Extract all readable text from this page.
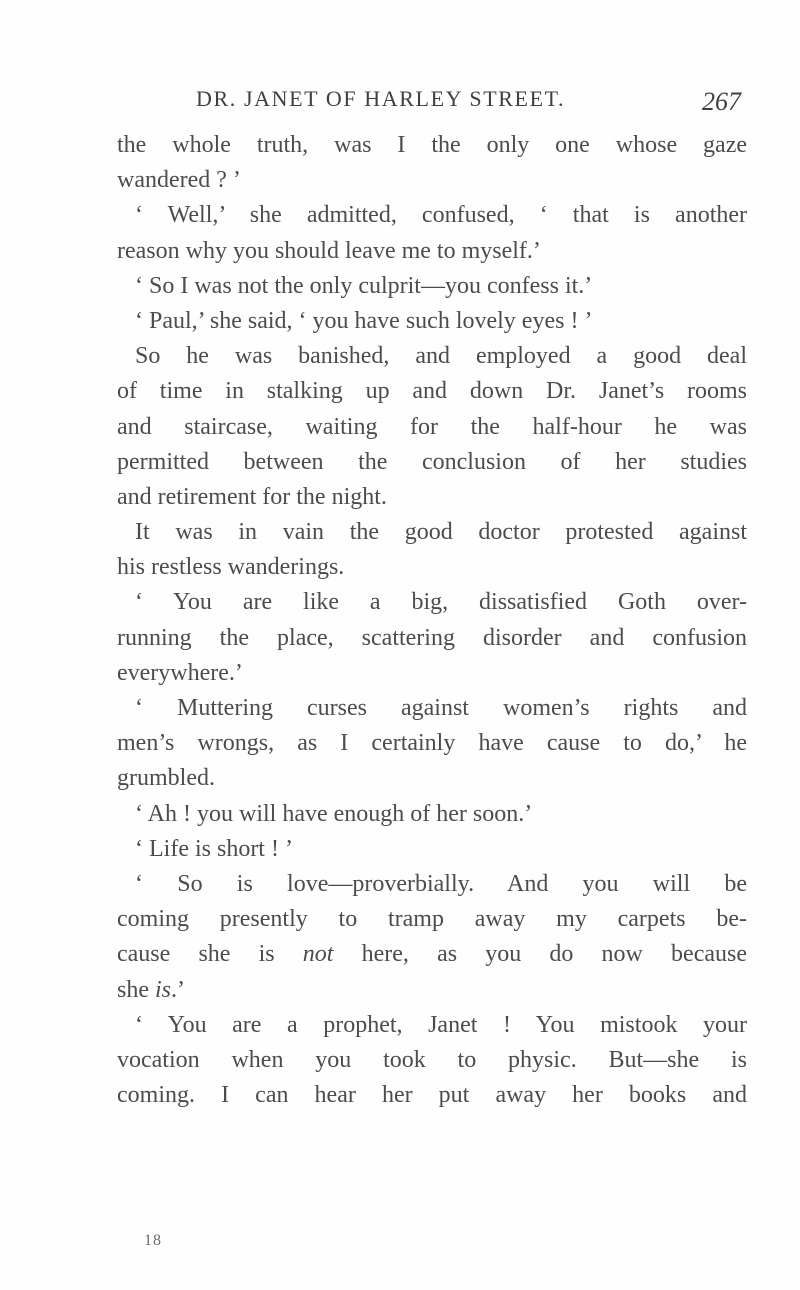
DR. JANET OF HARLEY STREET.	267
the whole truth, was I the only one whose gaze
wandered ? ’
‘ Well,’ she admitted, confused, ‘ that is another
reason why you should leave me to myself.’
‘ So I was not the only culprit—you confess it.’
‘ Paul,’ she said, ‘ you have such lovely eyes ! ’
So he was banished, and employed a good deal
of time in stalking up and down Dr. Janet’s rooms
and staircase, waiting for the half-hour he was
permitted between the conclusion of her studies
and retirement for the night.
It was in vain the good doctor protested against
his restless wanderings.
‘ You are like a big, dissatisfied Goth over-
running the place, scattering disorder and confusion
everywhere.’
‘ Muttering curses against women’s rights and
men’s wrongs, as I certainly have cause to do,’ he
grumbled.
‘ Ah ! you will have enough of her soon.’
‘ Life is short ! ’
‘ So is love—proverbially. And you will be
coming presently to tramp away my carpets be-
cause she is not here, as you do now because
she is.’
‘ You are a prophet, Janet ! You mistook your
vocation when you took to physic. But—she is
coming. I can hear her put away her books and
18
